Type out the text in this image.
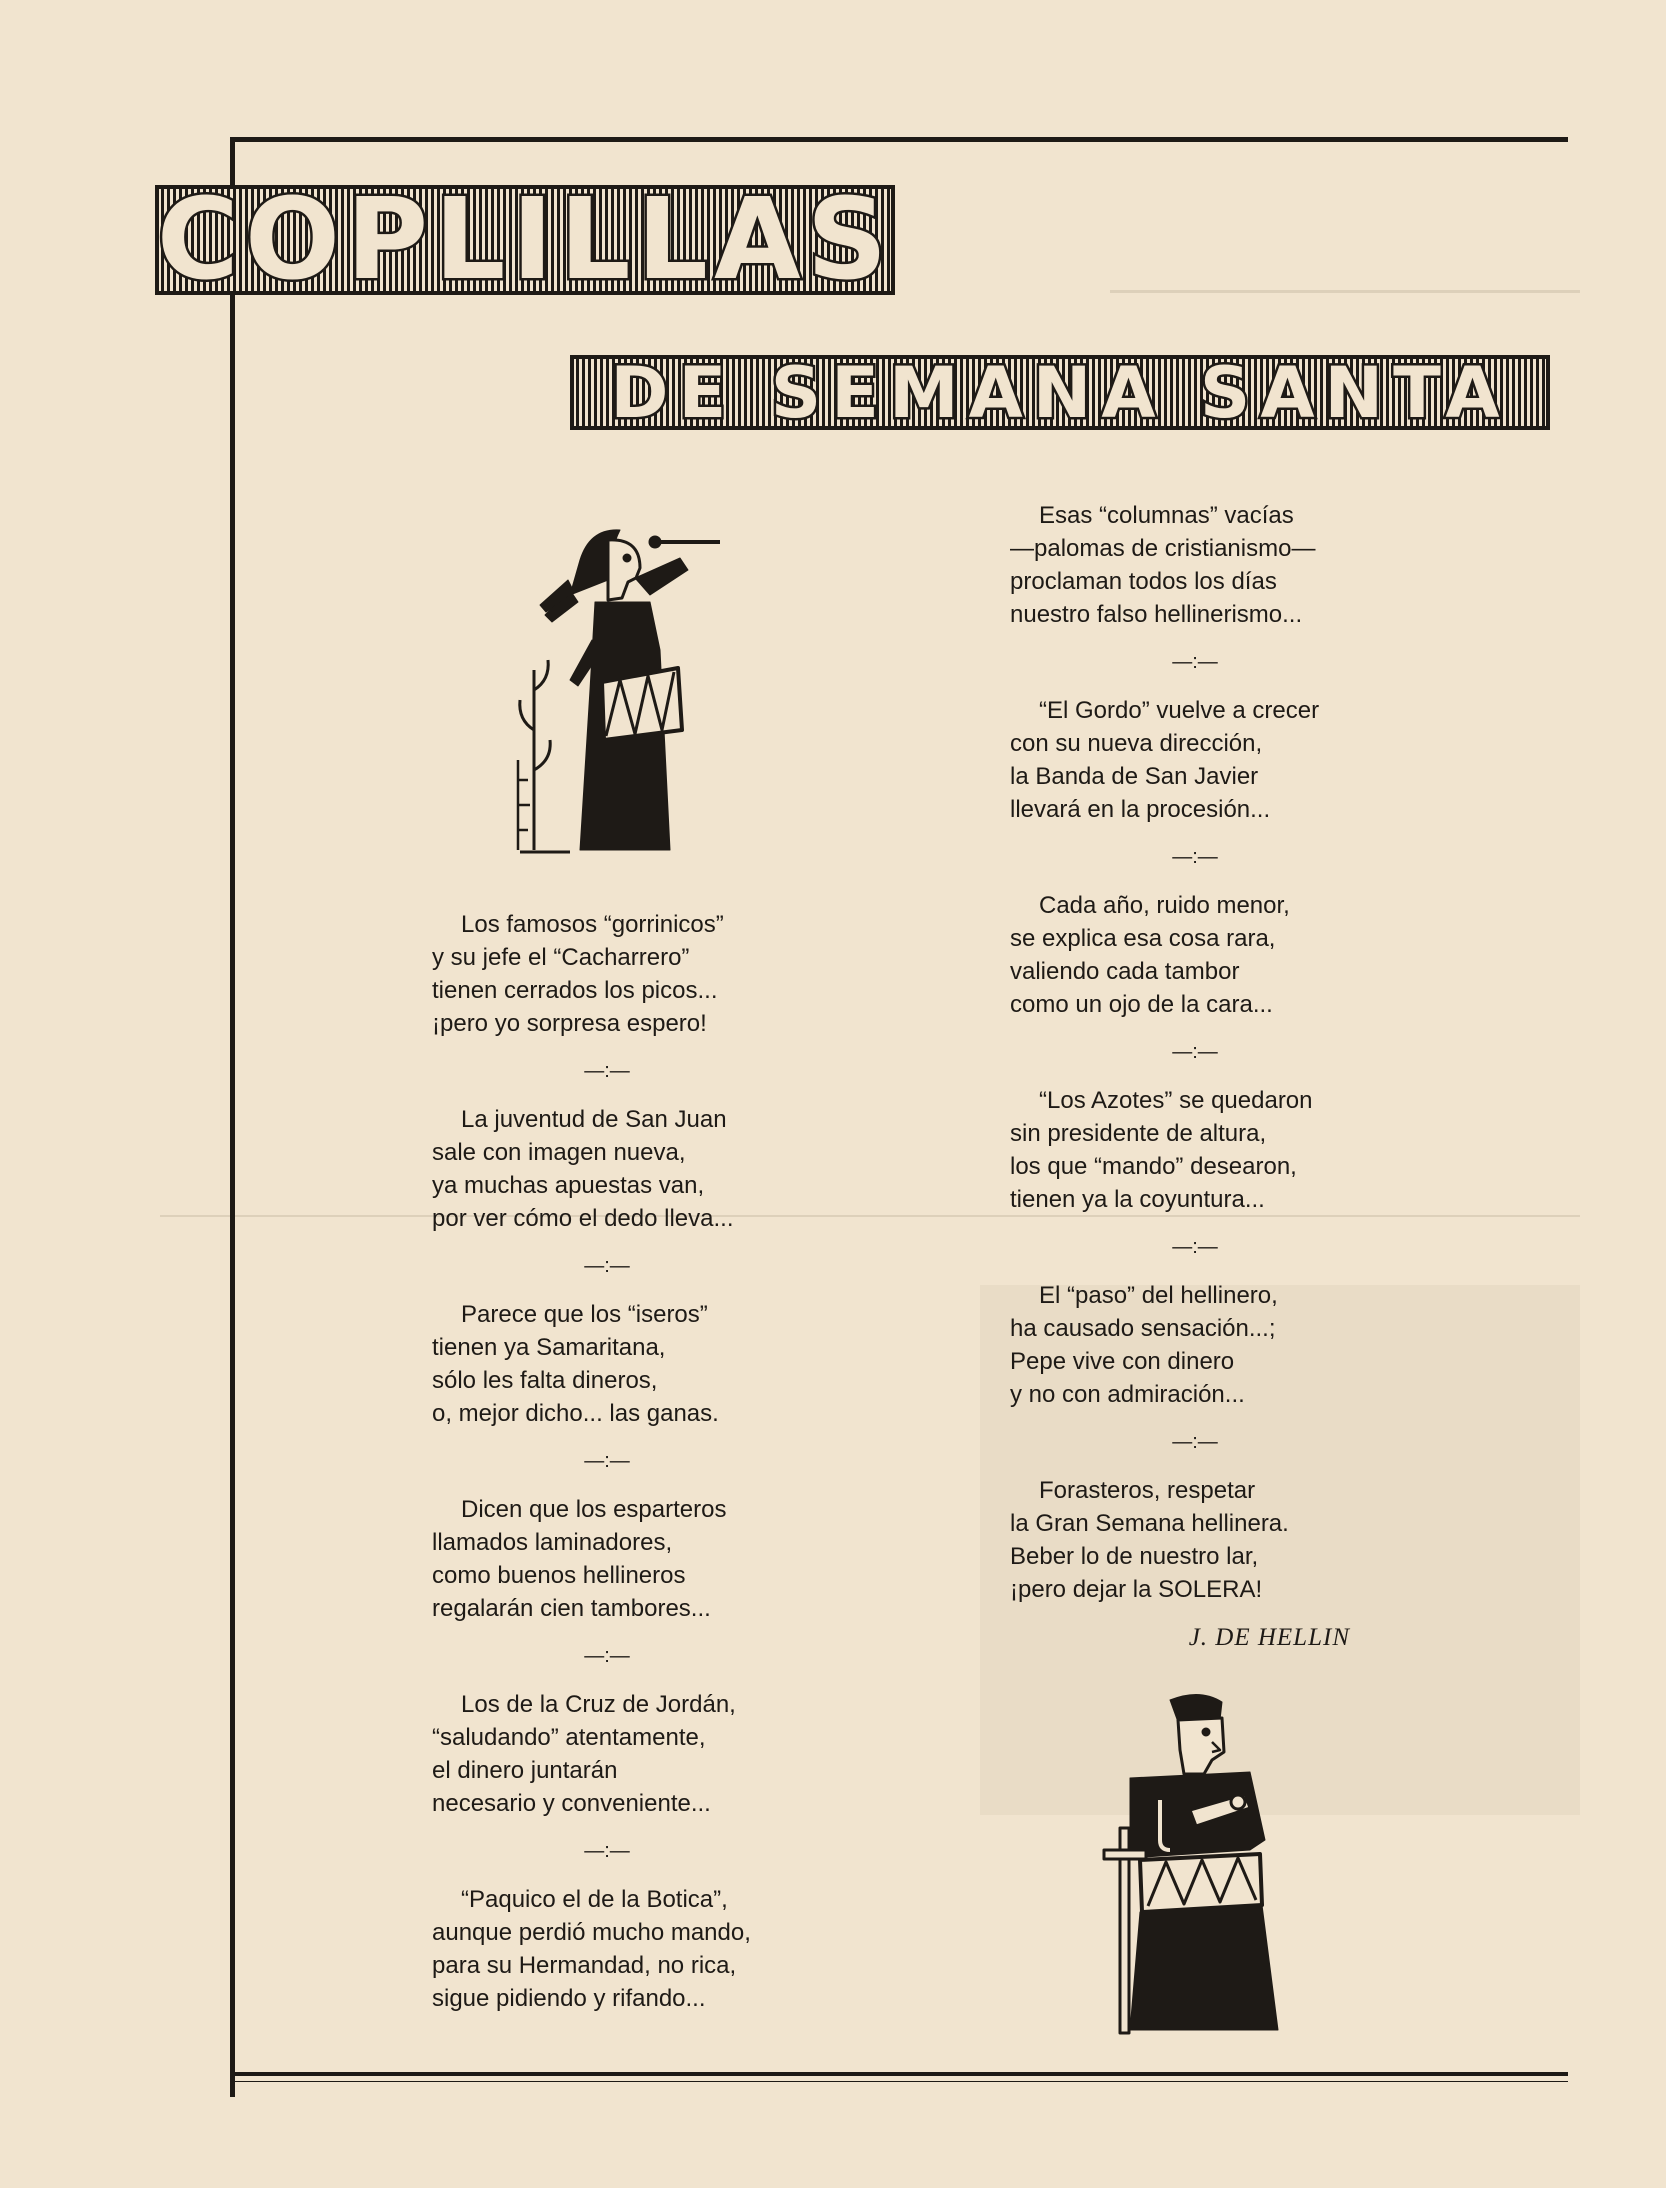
COPLILLAS
DE SEMANA SANTA
Los famosos “gorrinicos”
y su jefe el “Cacharrero”
tienen cerrados los picos...
¡pero yo sorpresa espero!
—:—
La juventud de San Juan
sale con imagen nueva,
ya muchas apuestas van,
por ver cómo el dedo lleva...
—:—
Parece que los “iseros”
tienen ya Samaritana,
sólo les falta dineros,
o, mejor dicho... las ganas.
—:—
Dicen que los esparteros
llamados laminadores,
como buenos hellineros
regalarán cien tambores...
—:—
Los de la Cruz de Jordán,
“saludando” atentamente,
el dinero juntarán
necesario y conveniente...
—:—
“Paquico el de la Botica”,
aunque perdió mucho mando,
para su Hermandad, no rica,
sigue pidiendo y rifando...
Esas “columnas” vacías
—palomas de cristianismo—
proclaman todos los días
nuestro falso hellinerismo...
—:—
“El Gordo” vuelve a crecer
con su nueva dirección,
la Banda de San Javier
llevará en la procesión...
—:—
Cada año, ruido menor,
se explica esa cosa rara,
valiendo cada tambor
como un ojo de la cara...
—:—
“Los Azotes” se quedaron
sin presidente de altura,
los que “mando” desearon,
tienen ya la coyuntura...
—:—
El “paso” del hellinero,
ha causado sensación...;
Pepe vive con dinero
y no con admiración...
—:—
Forasteros, respetar
la Gran Semana hellinera.
Beber lo de nuestro lar,
¡pero dejar la SOLERA!
J. DE HELLIN
